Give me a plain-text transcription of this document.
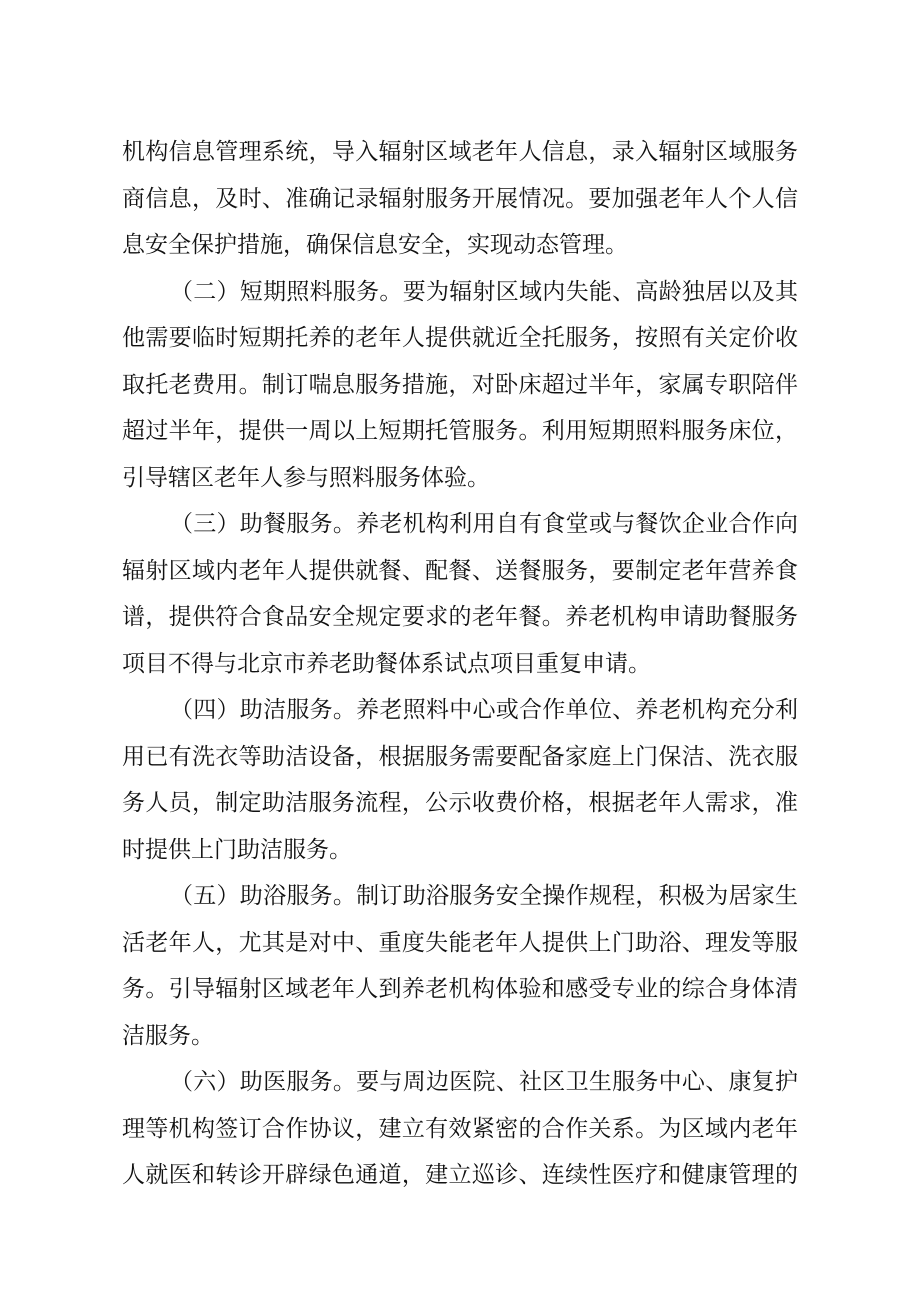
机构信息管理系统，导入辐射区域老年人信息，录入辐射区域服务
商信息，及时、准确记录辐射服务开展情况。要加强老年人个人信
息安全保护措施，确保信息安全，实现动态管理。
（二）短期照料服务。要为辐射区域内失能、高龄独居以及其
他需要临时短期托养的老年人提供就近全托服务，按照有关定价收
取托老费用。制订喘息服务措施，对卧床超过半年，家属专职陪伴
超过半年，提供一周以上短期托管服务。利用短期照料服务床位，
引导辖区老年人参与照料服务体验。
（三）助餐服务。养老机构利用自有食堂或与餐饮企业合作向
辐射区域内老年人提供就餐、配餐、送餐服务，要制定老年营养食
谱，提供符合食品安全规定要求的老年餐。养老机构申请助餐服务
项目不得与北京市养老助餐体系试点项目重复申请。
（四）助洁服务。养老照料中心或合作单位、养老机构充分利
用已有洗衣等助洁设备，根据服务需要配备家庭上门保洁、洗衣服
务人员，制定助洁服务流程，公示收费价格，根据老年人需求，准
时提供上门助洁服务。
（五）助浴服务。制订助浴服务安全操作规程，积极为居家生
活老年人，尤其是对中、重度失能老年人提供上门助浴、理发等服
务。引导辐射区域老年人到养老机构体验和感受专业的综合身体清
洁服务。
（六）助医服务。要与周边医院、社区卫生服务中心、康复护
理等机构签订合作协议，建立有效紧密的合作关系。为区域内老年
人就医和转诊开辟绿色通道，建立巡诊、连续性医疗和健康管理的
